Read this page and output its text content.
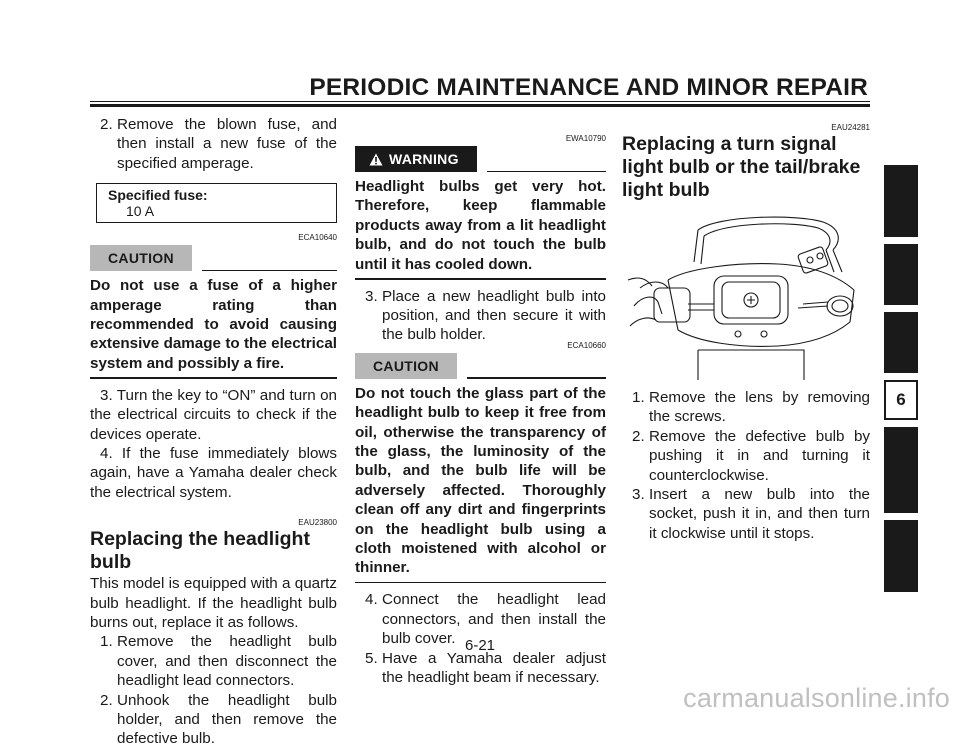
PERIODIC MAINTENANCE AND MINOR REPAIR
6
2. Remove the blown fuse, and then install a new fuse of the specified amperage.
Specified fuse:
10 A
ECA10640
CAUTION
Do not use a fuse of a higher amperage rating than recommended to avoid causing extensive damage to the electrical system and possibly a fire.
3. Turn the key to “ON” and turn on the electrical circuits to check if the devices operate.
4. If the fuse immediately blows again, have a Yamaha dealer check the electrical system.
EAU23800
Replacing the headlight bulb
This model is equipped with a quartz bulb headlight. If the headlight bulb burns out, replace it as follows.
1. Remove the headlight bulb cover, and then disconnect the headlight lead connectors.
2. Unhook the headlight bulb holder, and then remove the defective bulb.
EWA10790
WARNING
Headlight bulbs get very hot. Therefore, keep flammable products away from a lit headlight bulb, and do not touch the bulb until it has cooled down.
3. Place a new headlight bulb into position, and then secure it with the bulb holder.
ECA10660
CAUTION
Do not touch the glass part of the headlight bulb to keep it free from oil, otherwise the transparency of the glass, the luminosity of the bulb, and the bulb life will be adversely affected. Thoroughly clean off any dirt and fingerprints on the headlight bulb using a cloth moistened with alcohol or thinner.
4. Connect the headlight lead connectors, and then install the bulb cover.
5. Have a Yamaha dealer adjust the headlight beam if necessary.
EAU24281
Replacing a turn signal light bulb or the tail/brake light bulb
1. Remove the lens by removing the screws.
2. Remove the defective bulb by pushing it in and turning it counterclockwise.
3. Insert a new bulb into the socket, push it in, and then turn it clockwise until it stops.
6-21
carmanualsonline.info
